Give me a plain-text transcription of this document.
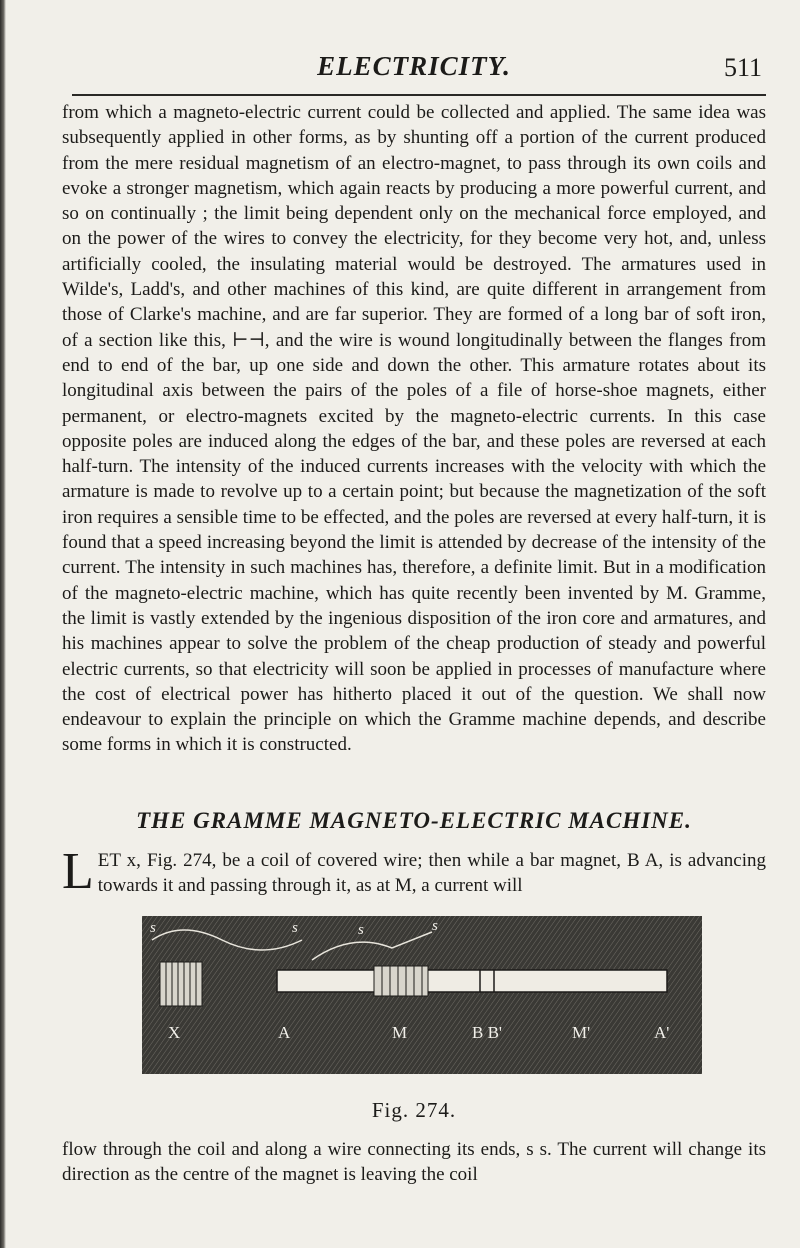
ELECTRICITY.	511

from which a magneto-electric current could be collected and applied. The same idea was subsequently applied in other forms, as by shunting off a portion of the current produced from the mere residual magnetism of an electro-magnet, to pass through its own coils and evoke a stronger magnetism, which again reacts by producing a more powerful current, and so on continually ; the limit being dependent only on the mechanical force employed, and on the power of the wires to convey the electricity, for they become very hot, and, unless artificially cooled, the insulating material would be destroyed. The armatures used in Wilde's, Ladd's, and other machines of this kind, are quite different in arrangement from those of Clarke's machine, and are far superior. They are formed of a long bar of soft iron, of a section like this, ⊢⊣, and the wire is wound longitudinally between the flanges from end to end of the bar, up one side and down the other. This armature rotates about its longitudinal axis between the pairs of the poles of a file of horse-shoe magnets, either permanent, or electro-magnets excited by the magneto-electric currents. In this case opposite poles are induced along the edges of the bar, and these poles are reversed at each half-turn. The intensity of the induced currents increases with the velocity with which the armature is made to revolve up to a certain point; but because the magnetization of the soft iron requires a sensible time to be effected, and the poles are reversed at every half-turn, it is found that a speed increasing beyond the limit is attended by decrease of the intensity of the current. The intensity in such machines has, therefore, a definite limit. But in a modification of the magneto-electric machine, which has quite recently been invented by M. Gramme, the limit is vastly extended by the ingenious disposition of the iron core and armatures, and his machines appear to solve the problem of the cheap production of steady and powerful electric currents, so that electricity will soon be applied in processes of manufacture where the cost of electrical power has hitherto placed it out of the question. We shall now endeavour to explain the principle on which the Gramme machine depends, and describe some forms in which it is constructed.

THE GRAMME MAGNETO-ELECTRIC MACHINE.

LET x, Fig. 274, be a coil of covered wire; then while a bar magnet, B A, is advancing towards it and passing through it, as at M, a current will

s	s	s	s
X	A	M	B B'	M'	A'

Fig. 274.

flow through the coil and along a wire connecting its ends, s s. The current will change its direction as the centre of the magnet is leaving the coil
